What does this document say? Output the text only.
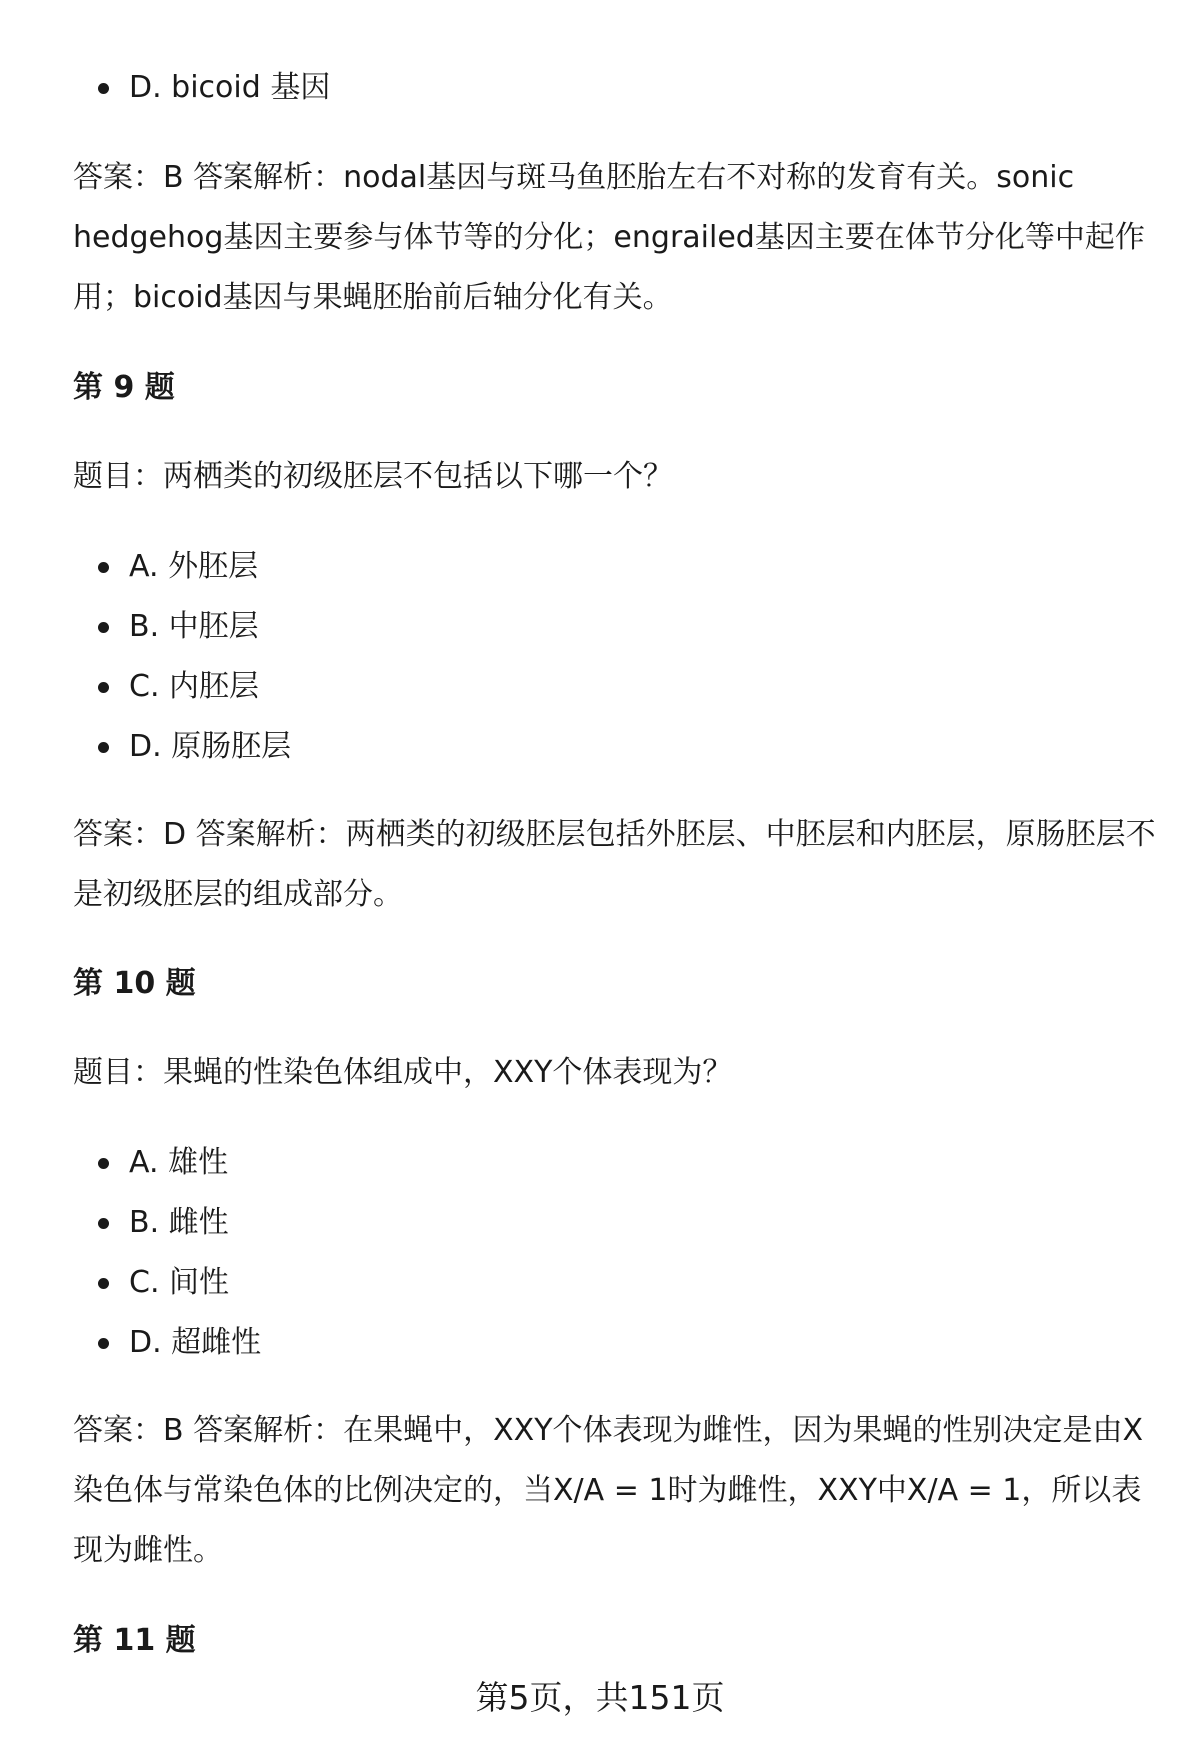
D. bicoid 基因

答案：B 答案解析：nodal基因与斑马鱼胚胎左右不对称的发育有关。sonic hedgehog基因主要参与体节等的分化；engrailed基因主要在体节分化等中起作用；bicoid基因与果蝇胚胎前后轴分化有关。

第 9 题

题目：两栖类的初级胚层不包括以下哪一个？

A. 外胚层
B. 中胚层
C. 内胚层
D. 原肠胚层

答案：D 答案解析：两栖类的初级胚层包括外胚层、中胚层和内胚层，原肠胚层不是初级胚层的组成部分。

第 10 题

题目：果蝇的性染色体组成中，XXY个体表现为？

A. 雄性
B. 雌性
C. 间性
D. 超雌性

答案：B 答案解析：在果蝇中，XXY个体表现为雌性，因为果蝇的性别决定是由X染色体与常染色体的比例决定的，当X/A = 1时为雌性，XXY中X/A = 1，所以表现为雌性。

第 11 题

第5页，共151页
